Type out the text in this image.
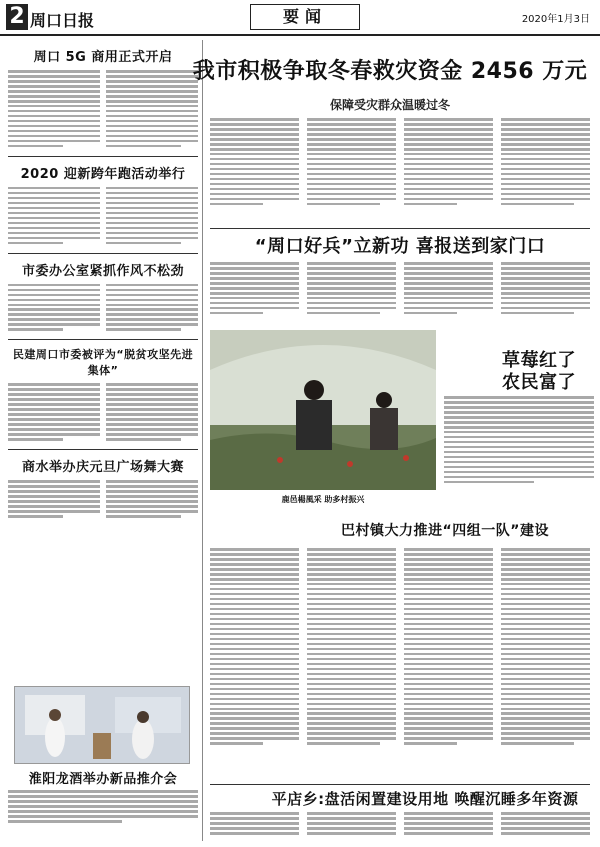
2 周口日报	要闻	2020年1月3日
周口 5G 商用正式开启
2020 迎新跨年跑活动举行
市委办公室紧抓作风不松劲
民建周口市委被评为“脱贫攻坚先进集体”
商水举办庆元旦广场舞大赛
淮阳龙酒举办新品推介会
我市积极争取冬春救灾资金 2456 万元
保障受灾群众温暖过冬
“周口好兵”立新功 喜报送到家门口
鹿邑楊風采 助多村振兴
草莓红了
农民富了
巴村镇大力推进“四组一队”建设
平店乡:盘活闲置建设用地 唤醒沉睡多年资源
